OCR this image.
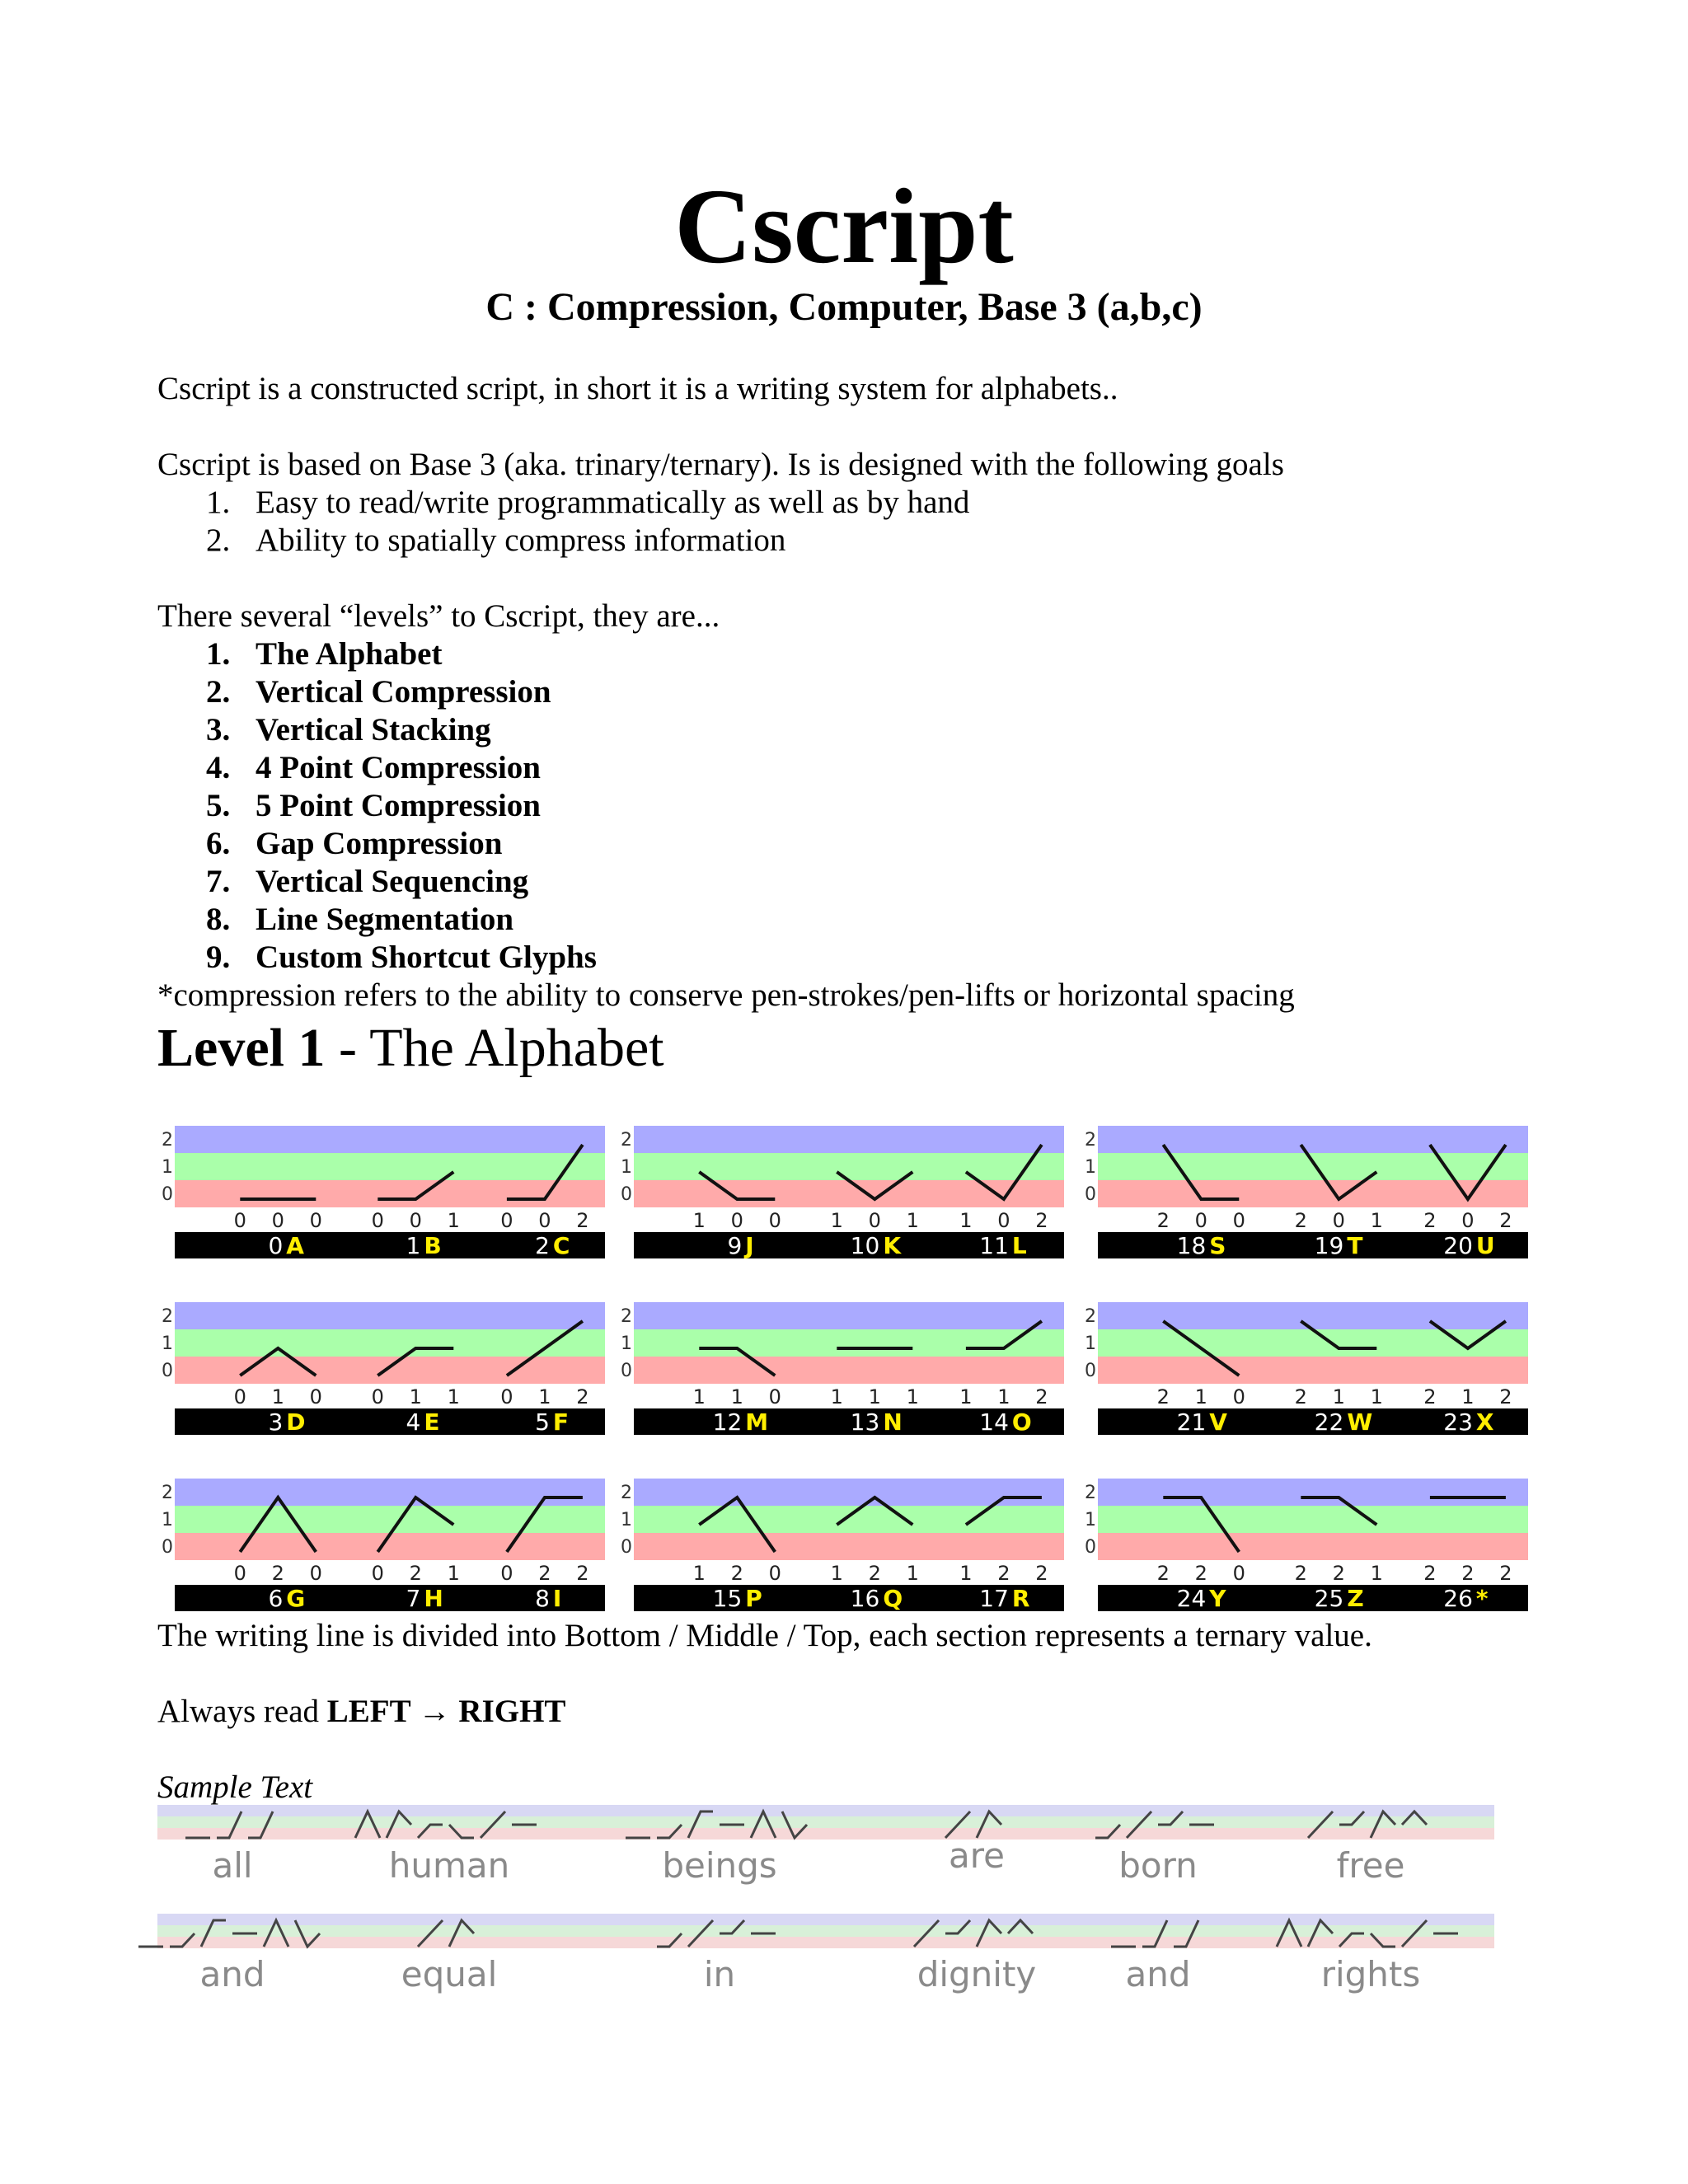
Cscript
C : Compression, Computer, Base 3 (a,b,c)
Cscript is a constructed script, in short it is a writing system for alphabets..
Cscript is based on Base 3 (aka. trinary/ternary). Is is designed with the following goals
1. Easy to read/write programmatically as well as by hand
2. Ability to spatially compress information
There several “levels” to Cscript, they are...
1. The Alphabet
2. Vertical Compression
3. Vertical Stacking
4. 4 Point Compression
5. 5 Point Compression
6. Gap Compression
7. Vertical Sequencing
8. Line Segmentation
9. Custom Shortcut Glyphs
*compression refers to the ability to conserve pen-strokes/pen-lifts or horizontal spacing
Level 1 - The Alphabet
2
1
0
0 0 0
0 A
0 0 1
1 B
0 0 2
2 C
2
1
0
0 1 0
3 D
0 1 1
4 E
0 1 2
5 F
2
1
0
0 2 0
6 G
0 2 1
7 H
0 2 2
8 I
2
1
0
1 0 0
9 J
1 0 1
10 K
1 0 2
11 L
2
1
0
1 1 0
12 M
1 1 1
13 N
1 1 2
14 O
2
1
0
1 2 0
15 P
1 2 1
16 Q
1 2 2
17 R
2
1
0
2 0 0
18 S
2 0 1
19 T
2 0 2
20 U
2
1
0
2 1 0
21 V
2 1 1
22 W
2 1 2
23 X
2
1
0
2 2 0
24 Y
2 2 1
25 Z
2 2 2
26 *
all	human	beings	are	born	free
and	equal	in	dignity	and	rights
The writing line is divided into Bottom / Middle / Top, each section represents a ternary value.
Always read LEFT → RIGHT
Sample Text
